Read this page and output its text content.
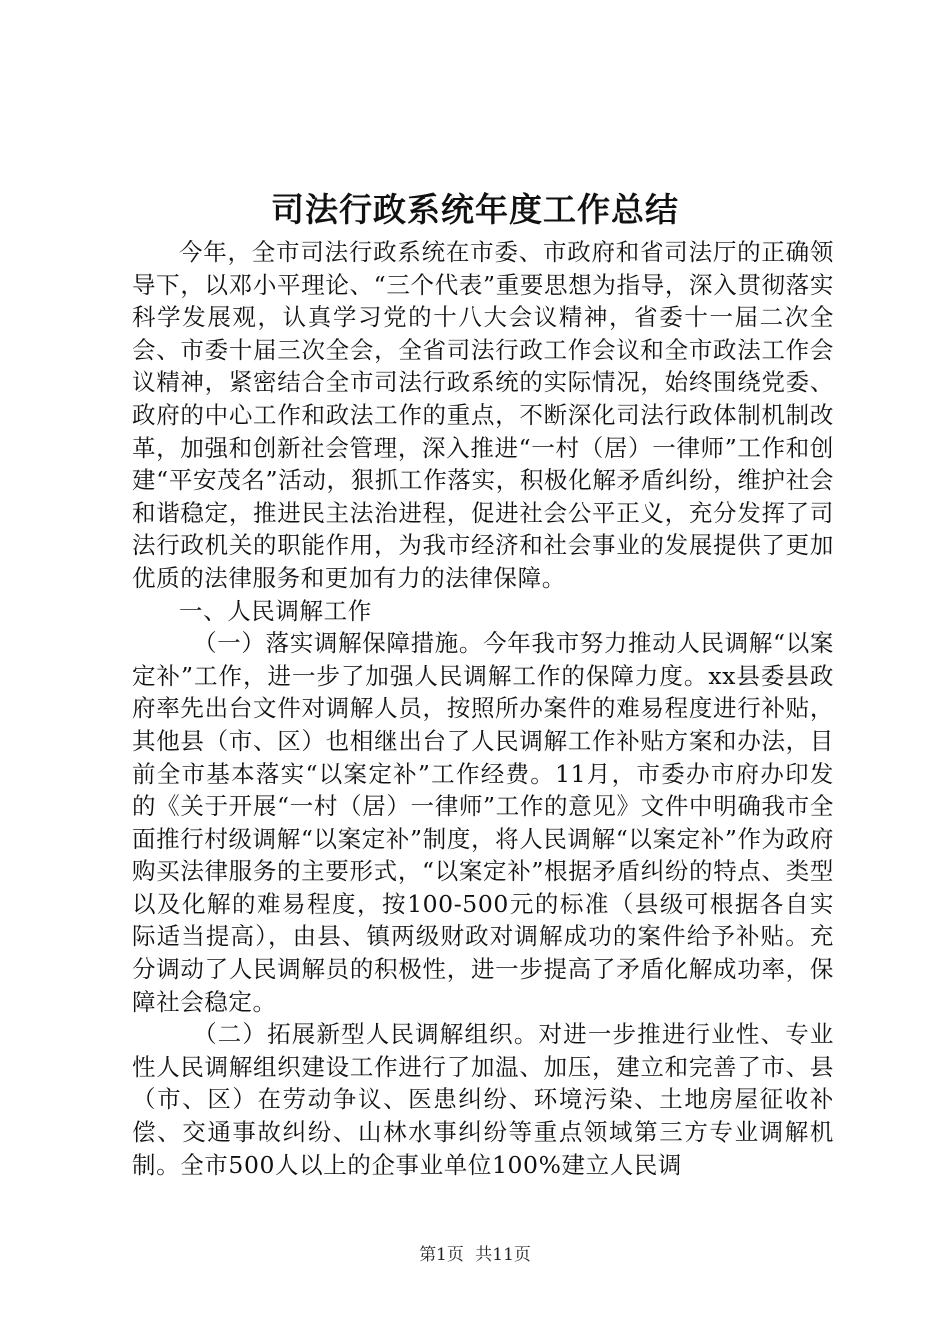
司法行政系统年度工作总结

今年，全市司法行政系统在市委、市政府和省司法厅的正确领导下，以邓小平理论、“三个代表”重要思想为指导，深入贯彻落实科学发展观，认真学习党的十八大会议精神，省委十一届二次全会、市委十届三次全会，全省司法行政工作会议和全市政法工作会议精神，紧密结合全市司法行政系统的实际情况，始终围绕党委、政府的中心工作和政法工作的重点，不断深化司法行政体制机制改革，加强和创新社会管理，深入推进“一村（居）一律师”工作和创建“平安茂名”活动，狠抓工作落实，积极化解矛盾纠纷，维护社会和谐稳定，推进民主法治进程，促进社会公平正义，充分发挥了司法行政机关的职能作用，为我市经济和社会事业的发展提供了更加优质的法律服务和更加有力的法律保障。

一、人民调解工作

（一）落实调解保障措施。今年我市努力推动人民调解“以案定补”工作，进一步了加强人民调解工作的保障力度。xx县委县政府率先出台文件对调解人员，按照所办案件的难易程度进行补贴，其他县（市、区）也相继出台了人民调解工作补贴方案和办法，目前全市基本落实“以案定补”工作经费。11月，市委办市府办印发的《关于开展“一村（居）一律师”工作的意见》文件中明确我市全面推行村级调解“以案定补”制度，将人民调解“以案定补”作为政府购买法律服务的主要形式，“以案定补”根据矛盾纠纷的特点、类型以及化解的难易程度，按100-500元的标准（县级可根据各自实际适当提高），由县、镇两级财政对调解成功的案件给予补贴。充分调动了人民调解员的积极性，进一步提高了矛盾化解成功率，保障社会稳定。

（二）拓展新型人民调解组织。对进一步推进行业性、专业性人民调解组织建设工作进行了加温、加压，建立和完善了市、县（市、区）在劳动争议、医患纠纷、环境污染、土地房屋征收补偿、交通事故纠纷、山林水事纠纷等重点领域第三方专业调解机制。全市500人以上的企事业单位100%建立人民调

第1页 共11页
